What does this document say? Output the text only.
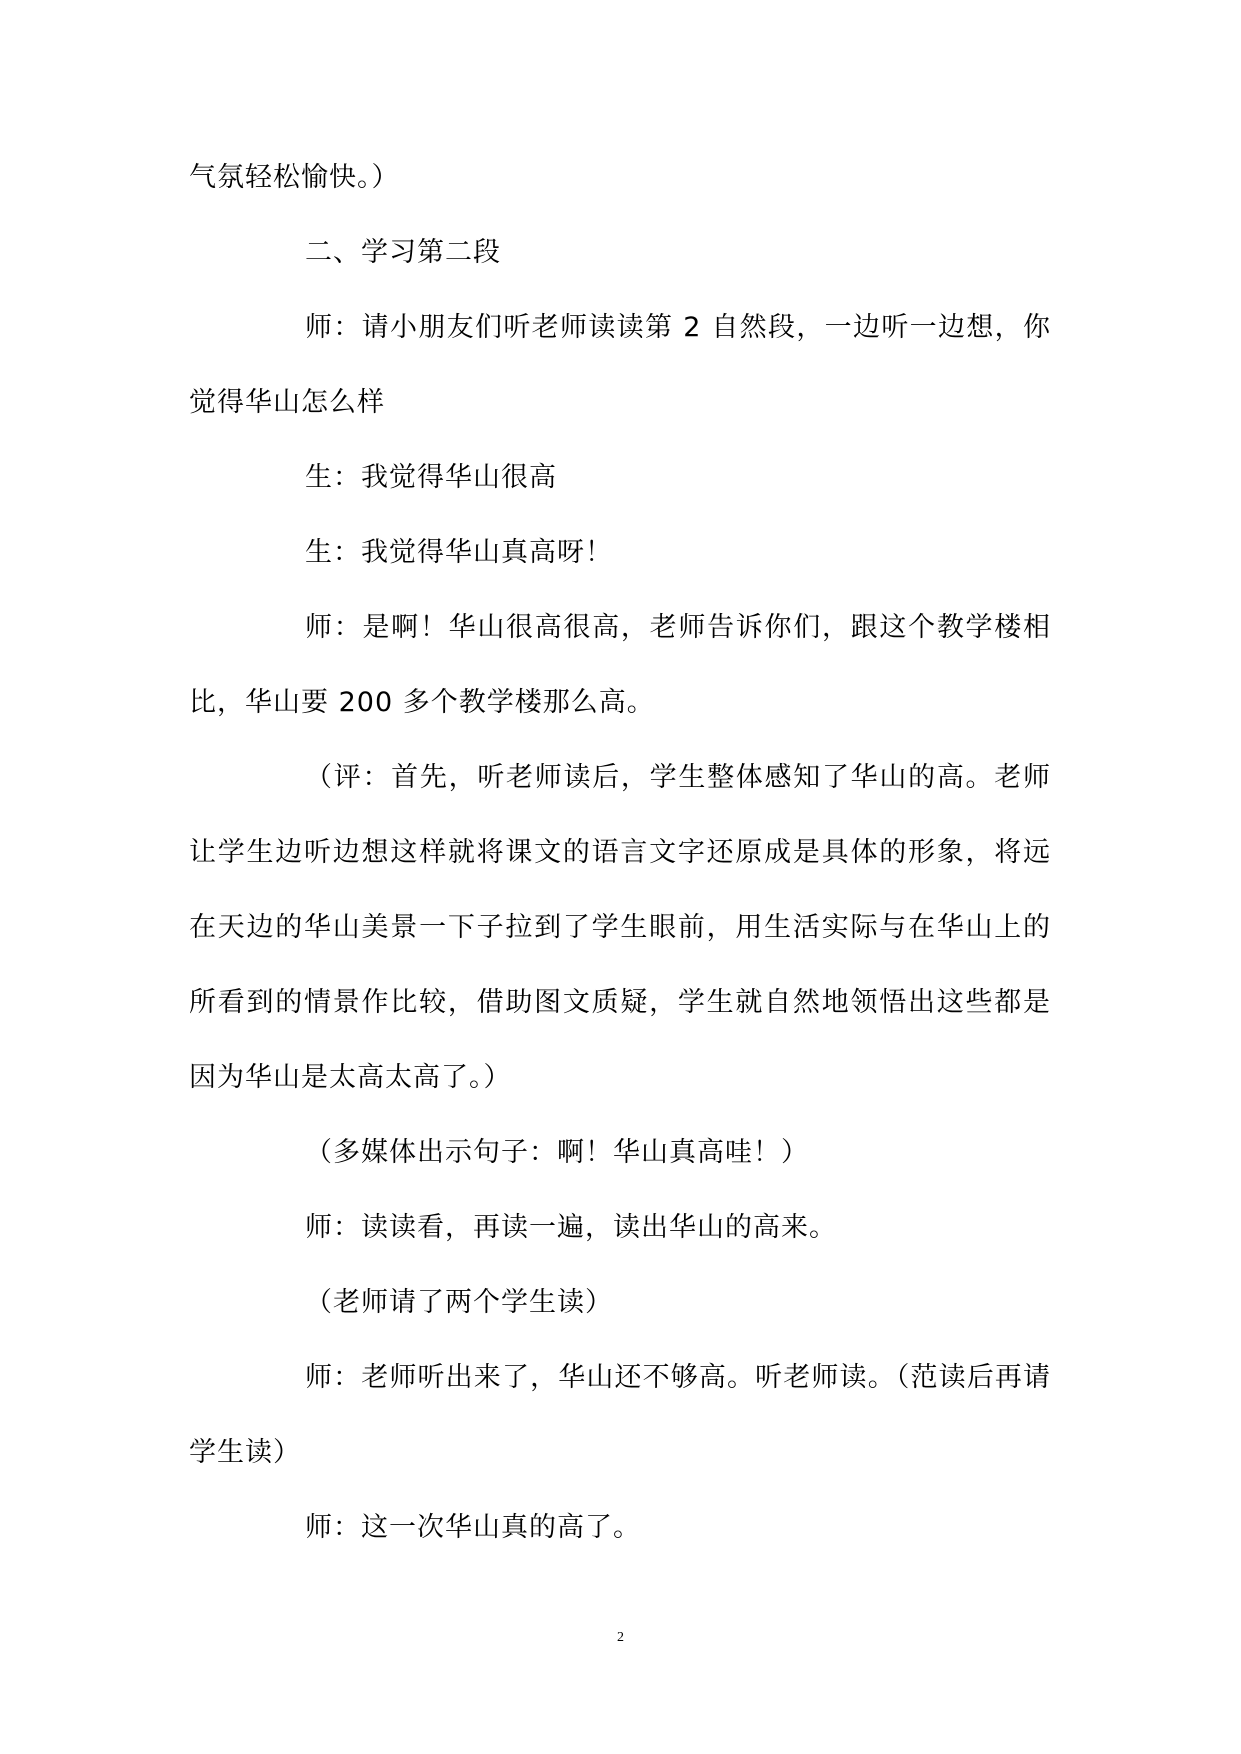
气氛轻松愉快。）

二、学习第二段

师：请小朋友们听老师读读第 2 自然段，一边听一边想，你觉得华山怎么样

生：我觉得华山很高

生：我觉得华山真高呀！

师：是啊！华山很高很高，老师告诉你们，跟这个教学楼相比，华山要 200 多个教学楼那么高。

（评：首先，听老师读后，学生整体感知了华山的高。老师让学生边听边想这样就将课文的语言文字还原成是具体的形象，将远在天边的华山美景一下子拉到了学生眼前，用生活实际与在华山上的所看到的情景作比较，借助图文质疑，学生就自然地领悟出这些都是因为华山是太高太高了。）

（多媒体出示句子：啊！华山真高哇！）

师：读读看，再读一遍，读出华山的高来。

（老师请了两个学生读）

师：老师听出来了，华山还不够高。听老师读。（范读后再请学生读）

师：这一次华山真的高了。

2
